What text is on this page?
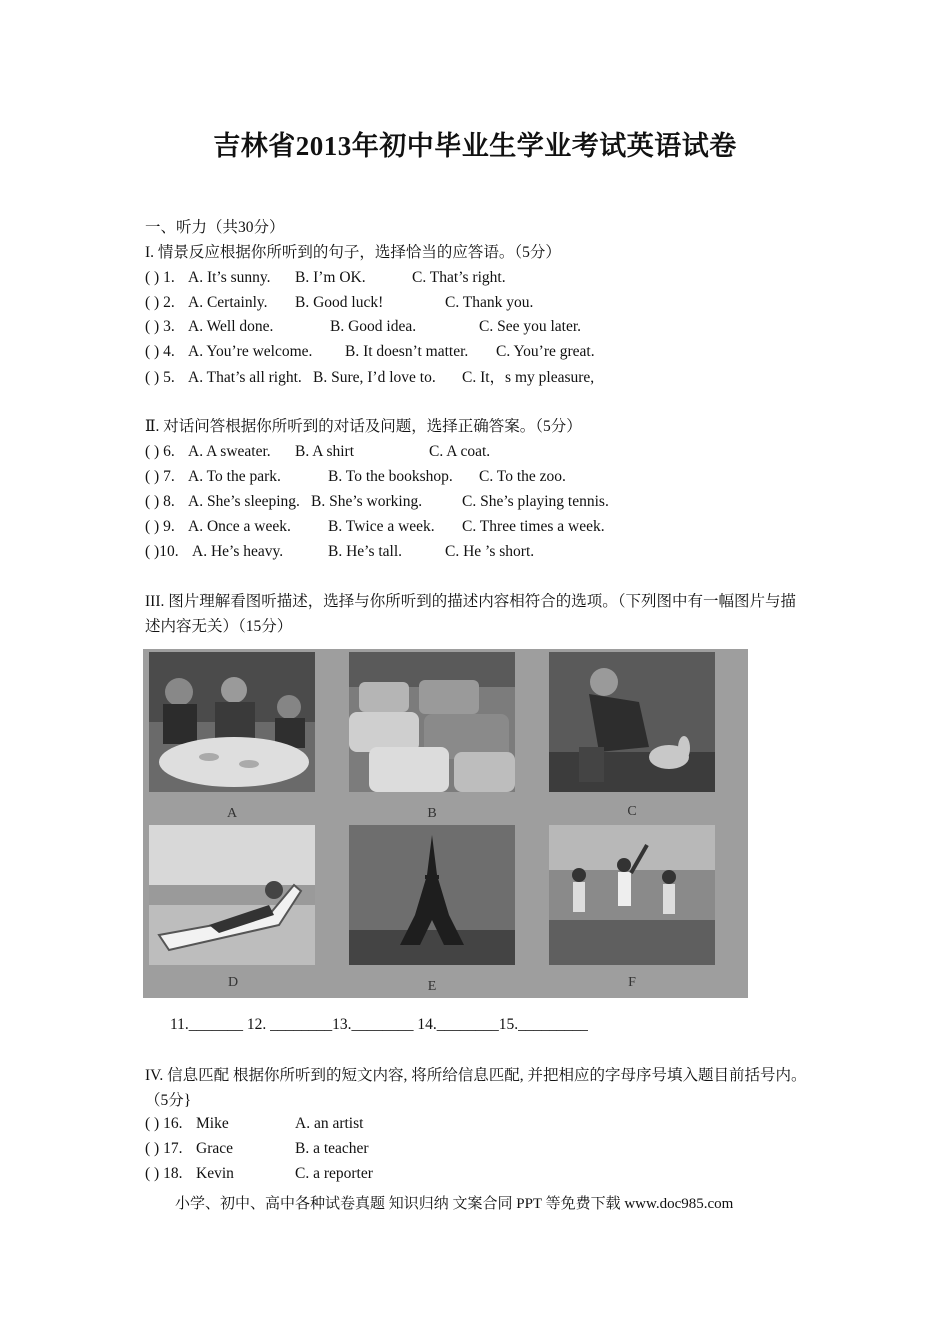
吉林省2013年初中毕业生学业考试英语试卷
一、听力（共30分）
I. 情景反应根据你所听到的句子，选择恰当的应答语。（5分）
( ) 1. A. It’s sunny. B. I’m OK.	C. That’s right.
( ) 2. A. Certainly. B. Good luck!	C. Thank you.
( ) 3. A. Well done.	B. Good idea.	C. See you later.
( ) 4. A. You’re welcome. B. It doesn’t matter. C. You’re great.
( ) 5. A. That’s all right. B. Sure, I’d love to. C. It，s my pleasure,
Ⅱ. 对话问答根据你所听到的对话及问题，选择正确答案。（5分）
( ) 6. A. A sweater. B. A shirt	C. A coat.
( ) 7. A. To the park.	B. To the bookshop. C. To the zoo.
( ) 8. A. She’s sleeping. B. She’s working.	C. She’s playing tennis.
( ) 9. A. Once a week. B. Twice a week. C. Three times a week.
( )10. A. He’s heavy.	B. He’s tall.	C. He ’s short.
III. 图片理解看图听描述，选择与你所听到的描述内容相符合的选项。（下列图中有一幅图片与描述内容无关）（15分）
A	B	C
D	E	F
11._______ 12. ________13.________ 14.________15._________
IV. 信息匹配 根据你所听到的短文内容, 将所给信息匹配, 并把相应的字母序号填入题目前括号内。（5分}
( ) 16. Mike	A. an artist
( ) 17. Grace	B. a teacher
( ) 18. Kevin	C. a reporter
小学、初中、高中各种试卷真题 知识归纳 文案合同 PPT 等免费下载 www.doc985.com
